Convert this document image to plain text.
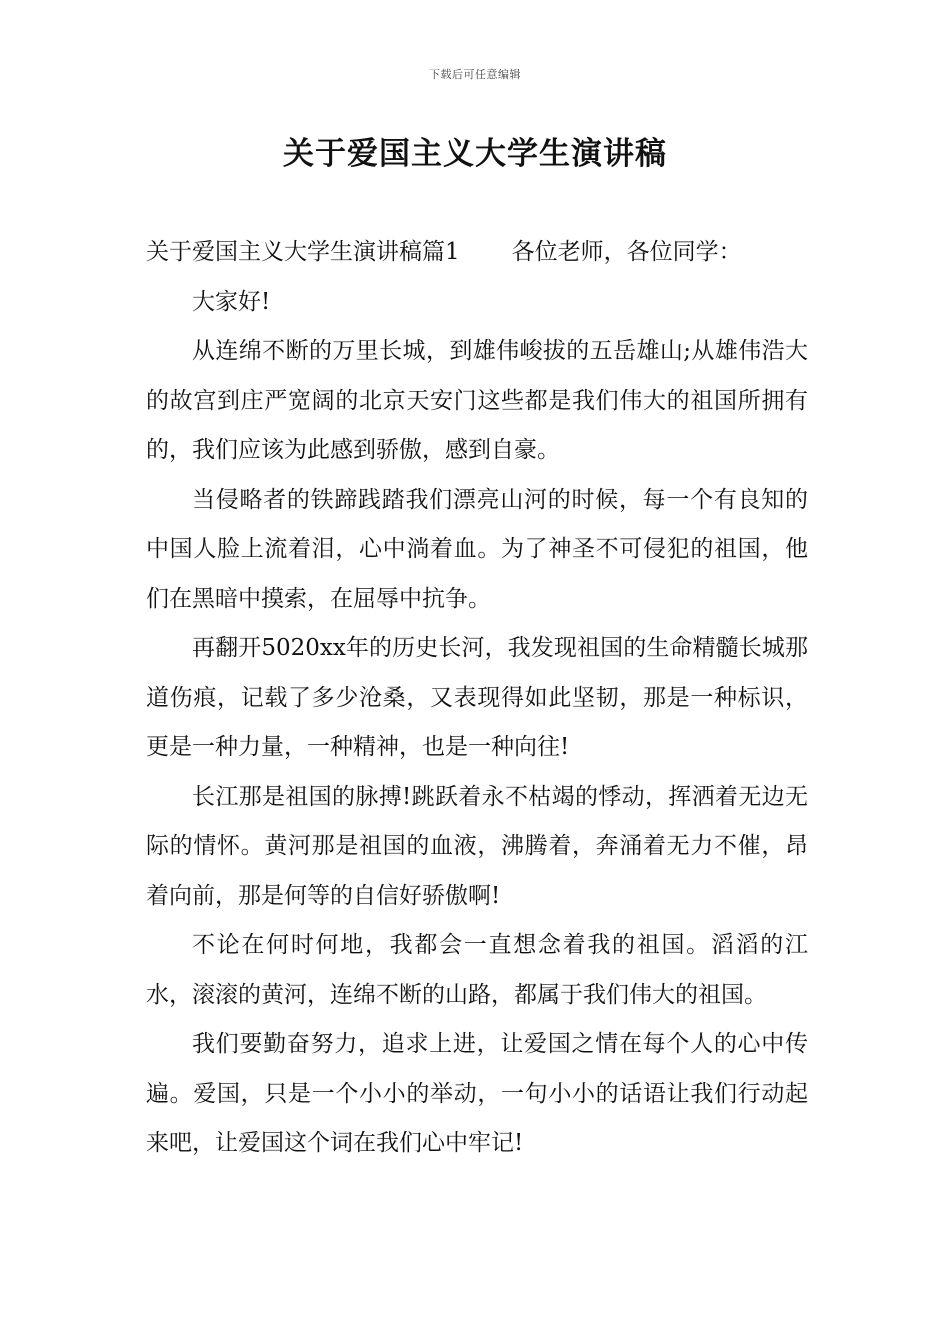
下载后可任意编辑
关于爱国主义大学生演讲稿

关于爱国主义大学生演讲稿篇1 各位老师，各位同学：

大家好!

从连绵不断的万里长城，到雄伟峻拔的五岳雄山;从雄伟浩大的故宫到庄严宽阔的北京天安门这些都是我们伟大的祖国所拥有的，我们应该为此感到骄傲，感到自豪。

当侵略者的铁蹄践踏我们漂亮山河的时候，每一个有良知的中国人脸上流着泪，心中淌着血。为了神圣不可侵犯的祖国，他们在黑暗中摸索，在屈辱中抗争。

再翻开5020xx年的历史长河，我发现祖国的生命精髓长城那道伤痕，记载了多少沧桑，又表现得如此坚韧，那是一种标识，更是一种力量，一种精神，也是一种向往!

长江那是祖国的脉搏!跳跃着永不枯竭的悸动，挥洒着无边无际的情怀。黄河那是祖国的血液，沸腾着，奔涌着无力不催，昂着向前，那是何等的自信好骄傲啊!

不论在何时何地，我都会一直想念着我的祖国。滔滔的江水，滚滚的黄河，连绵不断的山路，都属于我们伟大的祖国。

我们要勤奋努力，追求上进，让爱国之情在每个人的心中传遍。爱国，只是一个小小的举动，一句小小的话语让我们行动起来吧，让爱国这个词在我们心中牢记!
